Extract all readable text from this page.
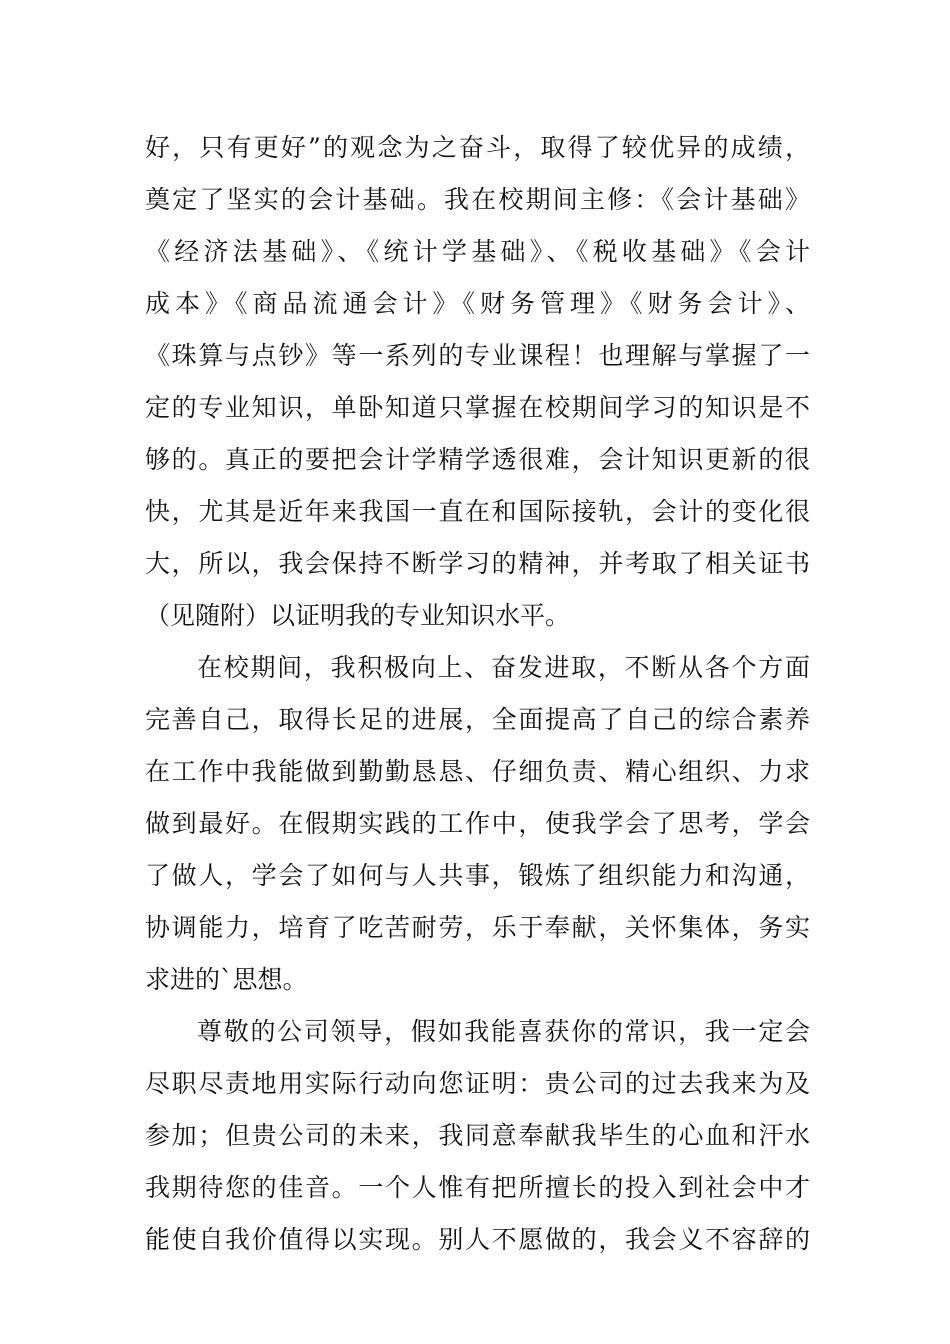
好，只有更好”的观念为之奋斗，取得了较优异的成绩，
奠定了坚实的会计基础。我在校期间主修：《会计基础》
《经济法基础》、《统计学基础》、《税收基础》《会计
成本》《商品流通会计》《财务管理》《财务会计》、
《珠算与点钞》等一系列的专业课程！也理解与掌握了一
定的专业知识，单卧知道只掌握在校期间学习的知识是不
够的。真正的要把会计学精学透很难，会计知识更新的很
快，尤其是近年来我国一直在和国际接轨，会计的变化很
大，所以，我会保持不断学习的精神，并考取了相关证书
（见随附）以证明我的专业知识水平。
在校期间，我积极向上、奋发进取，不断从各个方面
完善自己，取得长足的进展，全面提高了自己的综合素养
在工作中我能做到勤勤恳恳、仔细负责、精心组织、力求
做到最好。在假期实践的工作中，使我学会了思考，学会
了做人，学会了如何与人共事，锻炼了组织能力和沟通，
协调能力，培育了吃苦耐劳，乐于奉献，关怀集体，务实
求进的`思想。
尊敬的公司领导，假如我能喜获你的常识，我一定会
尽职尽责地用实际行动向您证明：贵公司的过去我来为及
参加；但贵公司的未来，我同意奉献我毕生的心血和汗水
我期待您的佳音。一个人惟有把所擅长的投入到社会中才
能使自我价值得以实现。别人不愿做的，我会义不容辞的
